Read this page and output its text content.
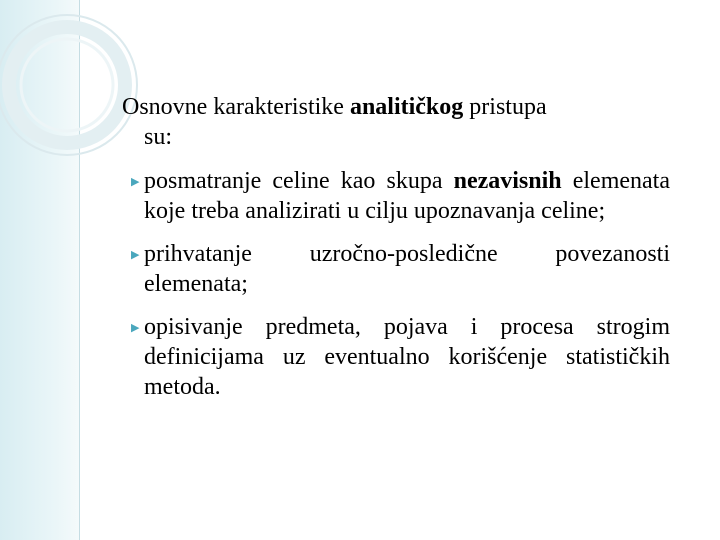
Osnovne karakteristike analitičkog pristupa
su:

▶ posmatranje celine kao skupa nezavisnih elemenata koje treba analizirati u cilju upoznavanja celine;
▶ prihvatanje uzročno-posledične povezanosti elemenata;
▶ opisivanje predmeta, pojava i procesa strogim definicijama uz eventualno korišćenje statističkih metoda.
